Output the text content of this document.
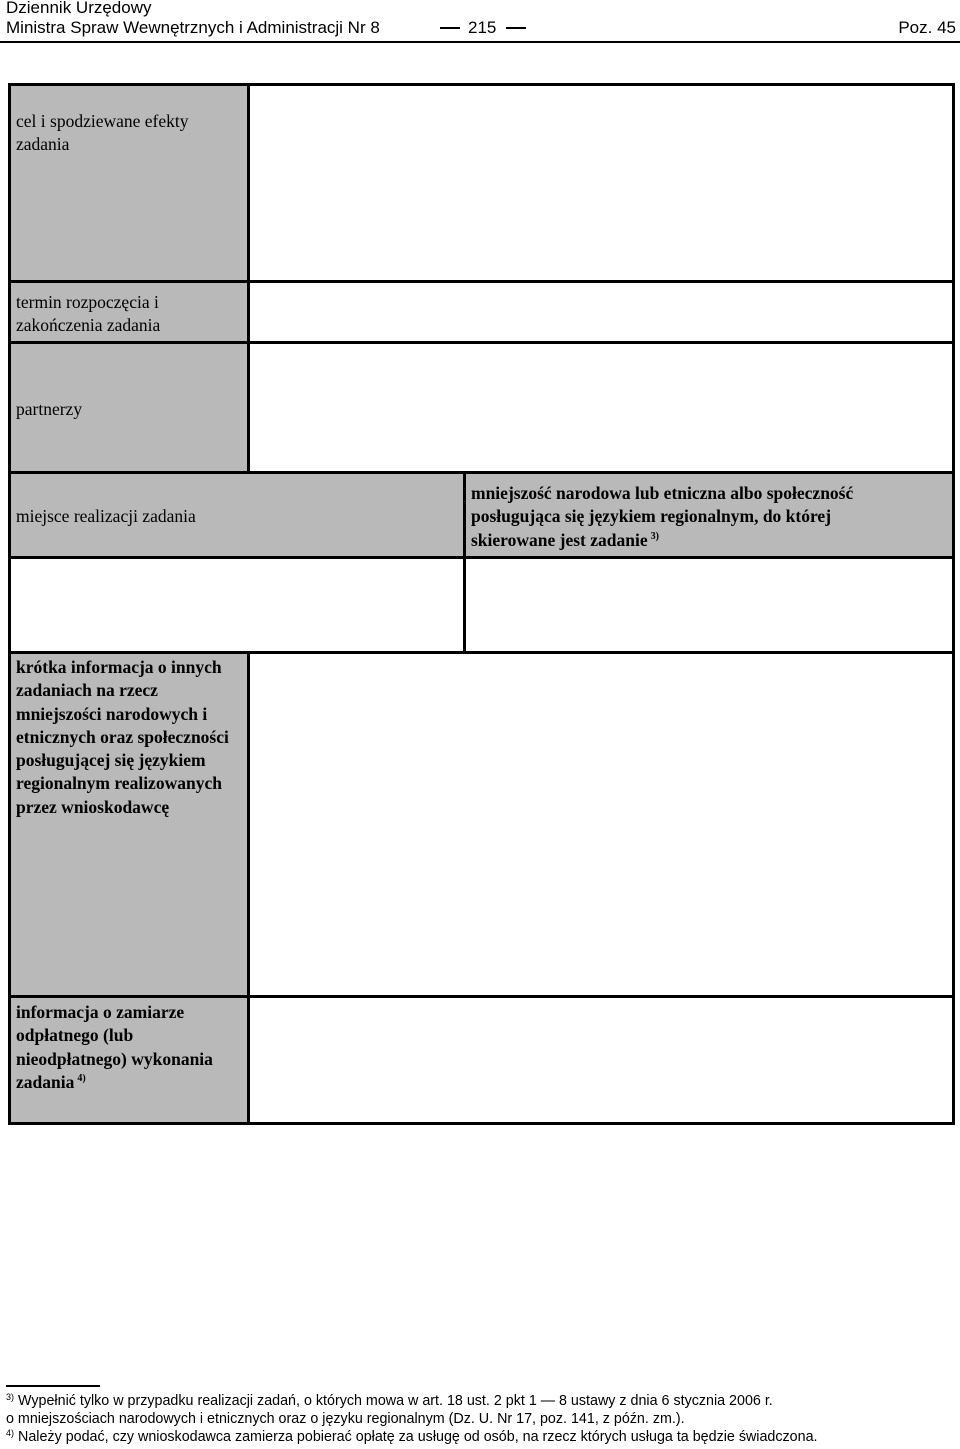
Dziennik Urzędowy
Ministra Spraw Wewnętrznych i Administracji Nr 8	215	Poz. 45
cel i spodziewane efekty zadania
termin rozpoczęcia i zakończenia zadania
partnerzy
miejsce realizacji zadania
mniejszość narodowa lub etniczna albo społeczność posługująca się językiem regionalnym, do której skierowane jest zadanie $^{3)}$
krótka informacja o innych zadaniach na rzecz mniejszości narodowych i etnicznych oraz społeczności posługującej się językiem regionalnym realizowanych przez wnioskodawcę
informacja o zamiarze odpłatnego (lub nieodpłatnego) wykonania zadania $^{4)}$
$^{3)}$ Wypełnić tylko w przypadku realizacji zadań, o których mowa w art. 18 ust. 2 pkt 1 — 8 ustawy z dnia 6 stycznia 2006 r.
o mniejszościach narodowych i etnicznych oraz o języku regionalnym (Dz. U. Nr 17, poz. 141, z późn. zm.).
$^{4)}$ Należy podać, czy wnioskodawca zamierza pobierać opłatę za usługę od osób, na rzecz których usługa ta będzie świadczona.
